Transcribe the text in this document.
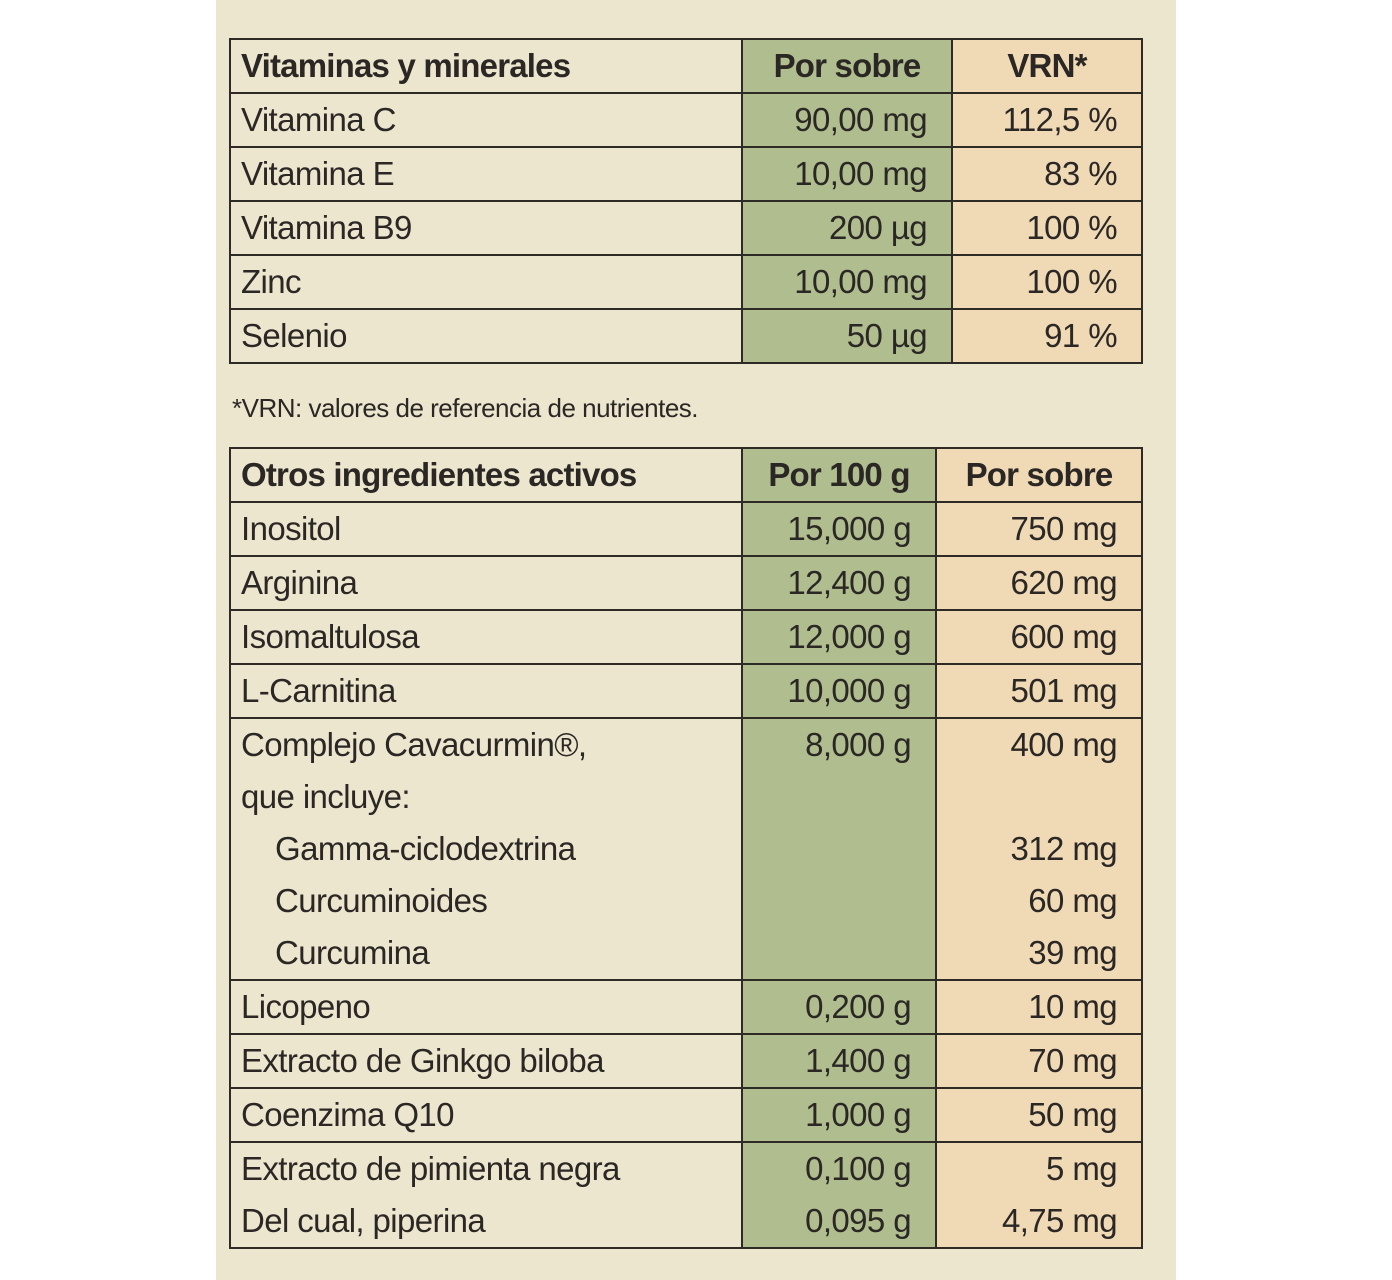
Vitaminas y minerales	Por sobre	VRN*
Vitamina C	90,00 mg	112,5 %
Vitamina E	10,00 mg	83 %
Vitamina B9	200 µg	100 %
Zinc	10,00 mg	100 %
Selenio	50 µg	91 %
*VRN: valores de referencia de nutrientes.
Otros ingredientes activos	Por 100 g	Por sobre
Inositol	15,000 g	750 mg
Arginina	12,400 g	620 mg
Isomaltulosa	12,000 g	600 mg
L-Carnitina	10,000 g	501 mg
Complejo Cavacurmin®,	8,000 g	400 mg
que incluye:		
Gamma-ciclodextrina		312 mg
Curcuminoides		60 mg
Curcumina		39 mg
Licopeno	0,200 g	10 mg
Extracto de Ginkgo biloba	1,400 g	70 mg
Coenzima Q10	1,000 g	50 mg
Extracto de pimienta negra	0,100 g	5 mg
Del cual, piperina	0,095 g	4,75 mg
